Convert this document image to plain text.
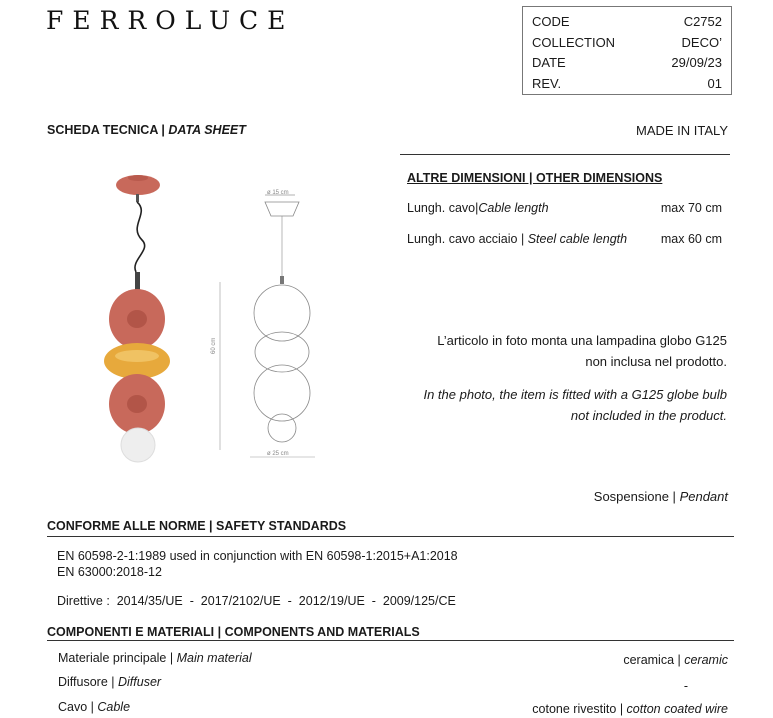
FERROLUCE	CODE	C2752
COLLECTION	DECO’
DATE	29/09/23
REV.	01
SCHEDA TECNICA | DATA SHEET	MADE IN ITALY
ø 15 cm
60 cm
ø 25 cm
ALTRE DIMENSIONI | OTHER DIMENSIONS
Lungh. cavo|Cable length	max 70 cm
Lungh. cavo acciaio | Steel cable length	max 60 cm
L’articolo in foto monta una lampadina globo G125
non inclusa nel prodotto.
In the photo, the item is fitted with a G125 globe bulb
not included in the product.
Sospensione | Pendant
CONFORME ALLE NORME | SAFETY STANDARDS
EN 60598-2-1:1989 used in conjunction with EN 60598-1:2015+A1:2018
EN 63000:2018-12
Direttive :  2014/35/UE  -  2017/2102/UE  -  2012/19/UE  -  2009/125/CE
COMPONENTI E MATERIALI | COMPONENTS AND MATERIALS
Materiale principale | Main material	ceramica | ceramic
Diffusore | Diffuser	-
Cavo | Cable	cotone rivestito | cotton coated wire
